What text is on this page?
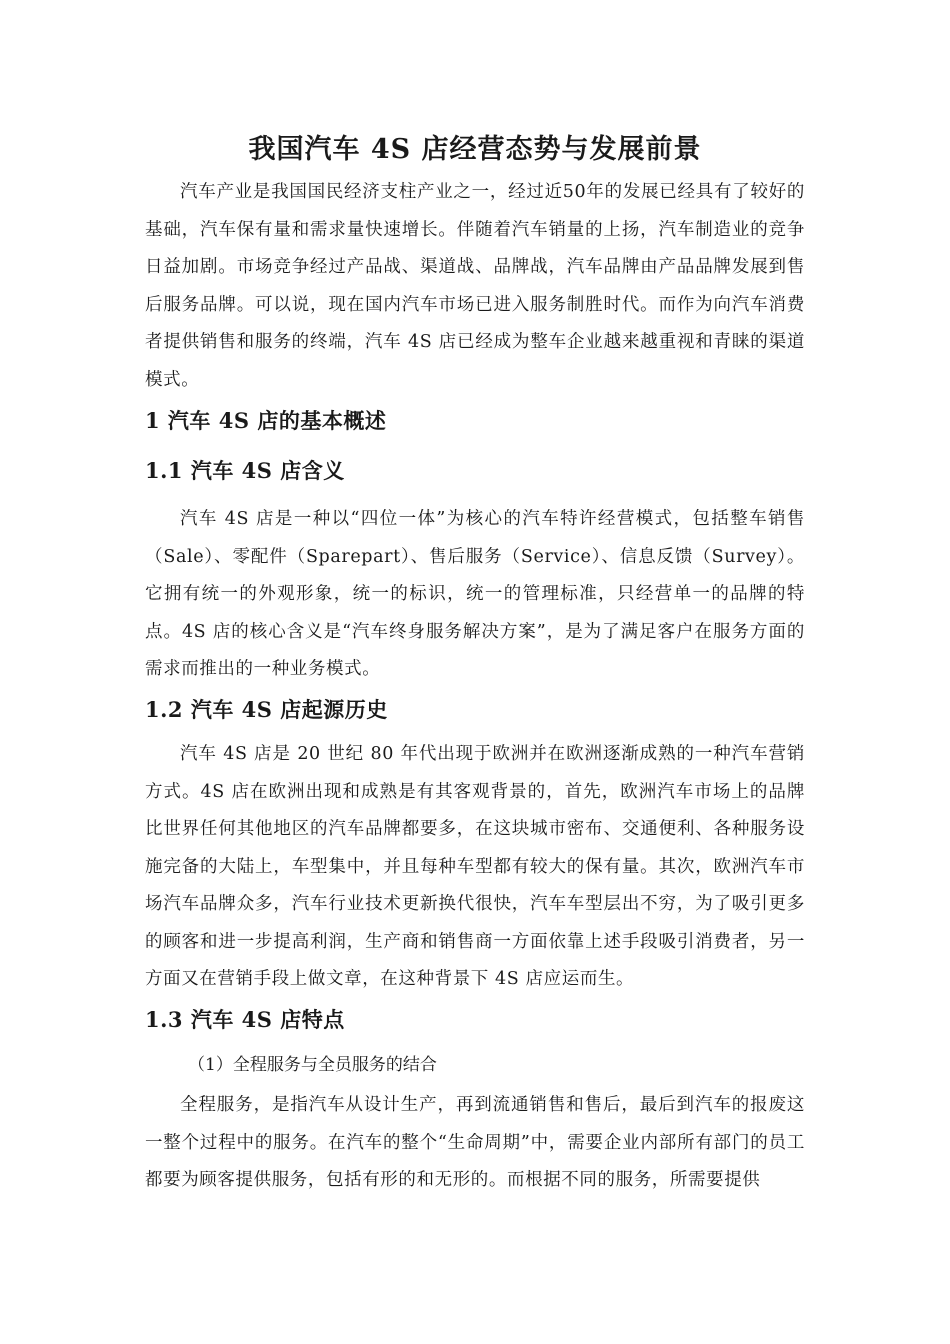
我国汽车 4S 店经营态势与发展前景

汽车产业是我国国民经济支柱产业之一，经过近50年的发展已经具有了较好的基础，汽车保有量和需求量快速增长。伴随着汽车销量的上扬，汽车制造业的竞争日益加剧。市场竞争经过产品战、渠道战、品牌战，汽车品牌由产品品牌发展到售后服务品牌。可以说，现在国内汽车市场已进入服务制胜时代。而作为向汽车消费者提供销售和服务的终端，汽车 4S 店已经成为整车企业越来越重视和青睐的渠道模式。

1 汽车 4S 店的基本概述
1.1 汽车 4S 店含义

汽车 4S 店是一种以“四位一体”为核心的汽车特许经营模式，包括整车销售（Sale）、零配件（Sparepart）、售后服务（Service）、信息反馈（Survey）。它拥有统一的外观形象，统一的标识，统一的管理标准，只经营单一的品牌的特点。4S 店的核心含义是“汽车终身服务解决方案”，是为了满足客户在服务方面的需求而推出的一种业务模式。

1.2 汽车 4S 店起源历史

汽车 4S 店是 20 世纪 80 年代出现于欧洲并在欧洲逐渐成熟的一种汽车营销方式。4S 店在欧洲出现和成熟是有其客观背景的，首先，欧洲汽车市场上的品牌比世界任何其他地区的汽车品牌都要多，在这块城市密布、交通便利、各种服务设施完备的大陆上，车型集中，并且每种车型都有较大的保有量。其次，欧洲汽车市场汽车品牌众多，汽车行业技术更新换代很快，汽车车型层出不穷，为了吸引更多的顾客和进一步提高利润，生产商和销售商一方面依靠上述手段吸引消费者，另一方面又在营销手段上做文章，在这种背景下 4S 店应运而生。

1.3 汽车 4S 店特点

（1）全程服务与全员服务的结合

全程服务，是指汽车从设计生产，再到流通销售和售后，最后到汽车的报废这一整个过程中的服务。在汽车的整个“生命周期”中，需要企业内部所有部门的员工都要为顾客提供服务，包括有形的和无形的。而根据不同的服务，所需要提供
